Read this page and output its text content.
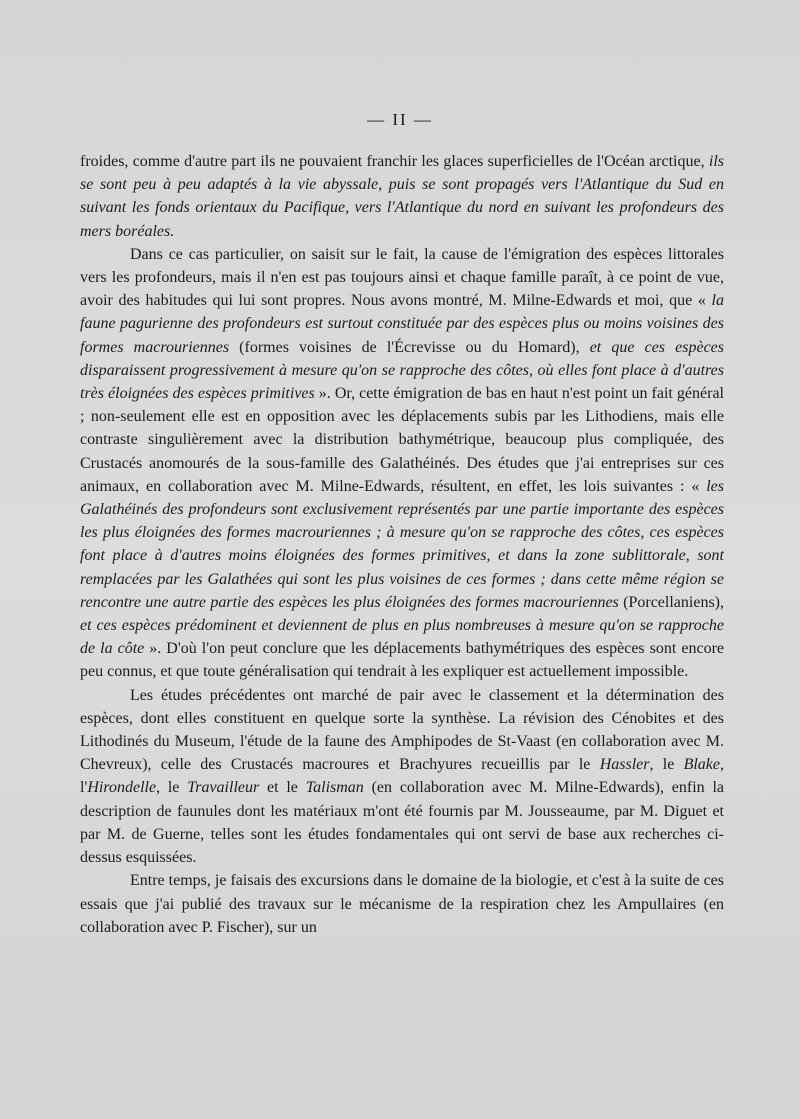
— II —

froides, comme d'autre part ils ne pouvaient franchir les glaces superficielles de l'Océan arctique, ils se sont peu à peu adaptés à la vie abyssale, puis se sont propagés vers l'Atlantique du Sud en suivant les fonds orientaux du Pacifique, vers l'Atlantique du nord en suivant les profondeurs des mers boréales.

Dans ce cas particulier, on saisit sur le fait, la cause de l'émigration des espèces littorales vers les profondeurs, mais il n'en est pas toujours ainsi et chaque famille paraît, à ce point de vue, avoir des habitudes qui lui sont propres. Nous avons montré, M. Milne-Edwards et moi, que « la faune pagurienne des profondeurs est surtout constituée par des espèces plus ou moins voisines des formes macrouriennes (formes voisines de l'Écrevisse ou du Homard), et que ces espèces disparaissent progressivement à mesure qu'on se rapproche des côtes, où elles font place à d'autres très éloignées des espèces primitives ». Or, cette émigration de bas en haut n'est point un fait général ; non-seulement elle est en opposition avec les déplacements subis par les Lithodiens, mais elle contraste singulièrement avec la distribution bathymétrique, beaucoup plus compliquée, des Crustacés anomourés de la sous-famille des Galathéinés. Des études que j'ai entreprises sur ces animaux, en collaboration avec M. Milne-Edwards, résultent, en effet, les lois suivantes : « les Galathéinés des profondeurs sont exclusivement représentés par une partie importante des espèces les plus éloignées des formes macrouriennes ; à mesure qu'on se rapproche des côtes, ces espèces font place à d'autres moins éloignées des formes primitives, et dans la zone sublittorale, sont remplacées par les Galathées qui sont les plus voisines de ces formes ; dans cette même région se rencontre une autre partie des espèces les plus éloignées des formes macrouriennes (Porcellaniens), et ces espèces prédominent et deviennent de plus en plus nombreuses à mesure qu'on se rapproche de la côte ». D'où l'on peut conclure que les déplacements bathymétriques des espèces sont encore peu connus, et que toute généralisation qui tendrait à les expliquer est actuellement impossible.

Les études précédentes ont marché de pair avec le classement et la détermination des espèces, dont elles constituent en quelque sorte la synthèse. La révision des Cénobites et des Lithodinés du Museum, l'étude de la faune des Amphipodes de St-Vaast (en collaboration avec M. Chevreux), celle des Crustacés macroures et Brachyures recueillis par le Hassler, le Blake, l'Hirondelle, le Travailleur et le Talisman (en collaboration avec M. Milne-Edwards), enfin la description de faunules dont les matériaux m'ont été fournis par M. Jousseaume, par M. Diguet et par M. de Guerne, telles sont les études fondamentales qui ont servi de base aux recherches ci-dessus esquissées.

Entre temps, je faisais des excursions dans le domaine de la biologie, et c'est à la suite de ces essais que j'ai publié des travaux sur le mécanisme de la respiration chez les Ampullaires (en collaboration avec P. Fischer), sur un
